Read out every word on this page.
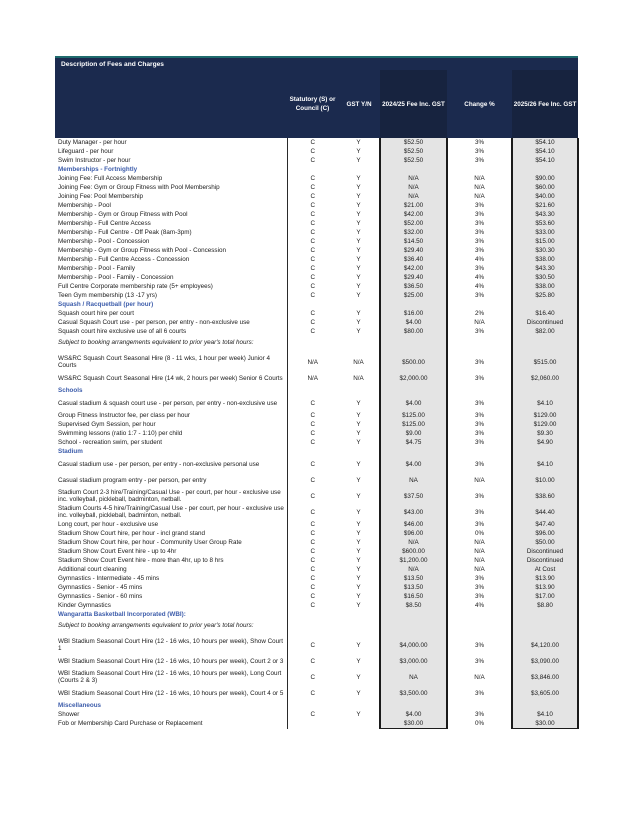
Description of Fees and Charges					
	Statutory (S) or Council (C)	GST Y/N	2024/25 Fee Inc. GST	Change %	2025/26 Fee Inc. GST
Duty Manager - per hour	C	Y	$52.50	3%	$54.10
Lifeguard - per hour	C	Y	$52.50	3%	$54.10
Swim Instructor - per hour	C	Y	$52.50	3%	$54.10
Memberships - Fortnightly					
Joining Fee: Full Access Membership	C	Y	N/A	N/A	$90.00
Joining Fee: Gym or Group Fitness with Pool Membership	C	Y	N/A	N/A	$60.00
Joining Fee: Pool Membership	C	Y	N/A	N/A	$40.00
Membership - Pool	C	Y	$21.00	3%	$21.60
Membership - Gym or Group Fitness with Pool	C	Y	$42.00	3%	$43.30
Membership - Full Centre Access	C	Y	$52.00	3%	$53.60
Membership - Full Centre - Off Peak (8am-3pm)	C	Y	$32.00	3%	$33.00
Membership - Pool - Concession	C	Y	$14.50	3%	$15.00
Membership - Gym or Group Fitness with Pool - Concession	C	Y	$29.40	3%	$30.30
Membership - Full Centre Access - Concession	C	Y	$36.40	4%	$38.00
Membership - Pool - Family	C	Y	$42.00	3%	$43.30
Membership - Pool - Family - Concession	C	Y	$29.40	4%	$30.50
Full Centre Corporate membership rate (5+ employees)	C	Y	$36.50	4%	$38.00
Teen Gym membership (13 -17 yrs)	C	Y	$25.00	3%	$25.80
Squash / Racquetball (per hour)					
Squash court hire per court	C	Y	$16.00	2%	$16.40
Casual Squash Court use - per person, per entry - non-exclusive use	C	Y	$4.00	N/A	Discontinued
Squash court hire exclusive use of all 6 courts	C	Y	$80.00	3%	$82.00
Subject to booking arrangements equivalent to prior year's total hours:					

WS&RC Squash Court Seasonal Hire (8 - 11 wks, 1 hour per week) Junior 4 Courts	N/A	N/A	$500.00	3%	$515.00
WS&RC Squash Court Seasonal Hire (14 wk, 2 hours per week) Senior 6 Courts	N/A	N/A	$2,000.00	3%	$2,060.00
Schools					
Casual stadium & squash court use - per person, per entry - non-exclusive use	C	Y	$4.00	3%	$4.10
Group Fitness Instructor fee, per class per hour	C	Y	$125.00	3%	$129.00
Supervised Gym Session, per hour	C	Y	$125.00	3%	$129.00
Swimming lessons (ratio 1:7 - 1:10) per child	C	Y	$9.00	3%	$9.30
School - recreation swim, per student	C	Y	$4.75	3%	$4.90
Stadium					
Casual stadium use - per person, per entry - non-exclusive personal use	C	Y	$4.00	3%	$4.10
Casual stadium program entry - per person, per entry	C	Y	NA	N/A	$10.00
Stadium Court 2-3 hire/Training/Casual Use - per court, per hour - exclusive use inc. volleyball, pickleball, badminton, netball.	C	Y	$37.50	3%	$38.60
Stadium Courts 4-5 hire/Training/Casual Use - per court, per hour - exclusive use inc. volleyball, pickleball, badminton, netball.	C	Y	$43.00	3%	$44.40
Long court, per hour - exclusive use	C	Y	$46.00	3%	$47.40
Stadium Show Court hire, per hour - incl grand stand	C	Y	$96.00	0%	$96.00
Stadium Show Court hire, per hour - Community User Group Rate	C	Y	N/A	N/A	$50.00
Stadium Show Court Event hire - up to 4hr	C	Y	$600.00	N/A	Discontinued
Stadium Show Court Event hire - more than 4hr, up to 8 hrs	C	Y	$1,200.00	N/A	Discontinued
Additional court cleaning	C	Y	N/A	N/A	At Cost
Gymnastics - Intermediate - 45 mins	C	Y	$13.50	3%	$13.90
Gymnastics - Senior - 45 mins	C	Y	$13.50	3%	$13.90
Gymnastics - Senior - 60 mins	C	Y	$16.50	3%	$17.00
Kinder Gymnastics	C	Y	$8.50	4%	$8.80
Wangaratta Basketball Incorporated (WBI):					
Subject to booking arrangements equivalent to prior year's total hours:					

WBI Stadium Seasonal Court Hire (12 - 16 wks, 10 hours per week), Show Court 1	C	Y	$4,000.00	3%	$4,120.00
WBI Stadium Seasonal Court Hire (12 - 16 wks, 10 hours per week), Court 2 or 3	C	Y	$3,000.00	3%	$3,090.00
WBI Stadium Seasonal Court Hire (12 - 16 wks, 10 hours per week), Long Court (Courts 2 & 3)	C	Y	NA	N/A	$3,846.00
WBI Stadium Seasonal Court Hire (12 - 16 wks, 10 hours per week), Court 4 or 5	C	Y	$3,500.00	3%	$3,605.00
Miscellaneous					
Shower	C	Y	$4.00	3%	$4.10
Fob or Membership Card Purchase or Replacement			$30.00	0%	$30.00
